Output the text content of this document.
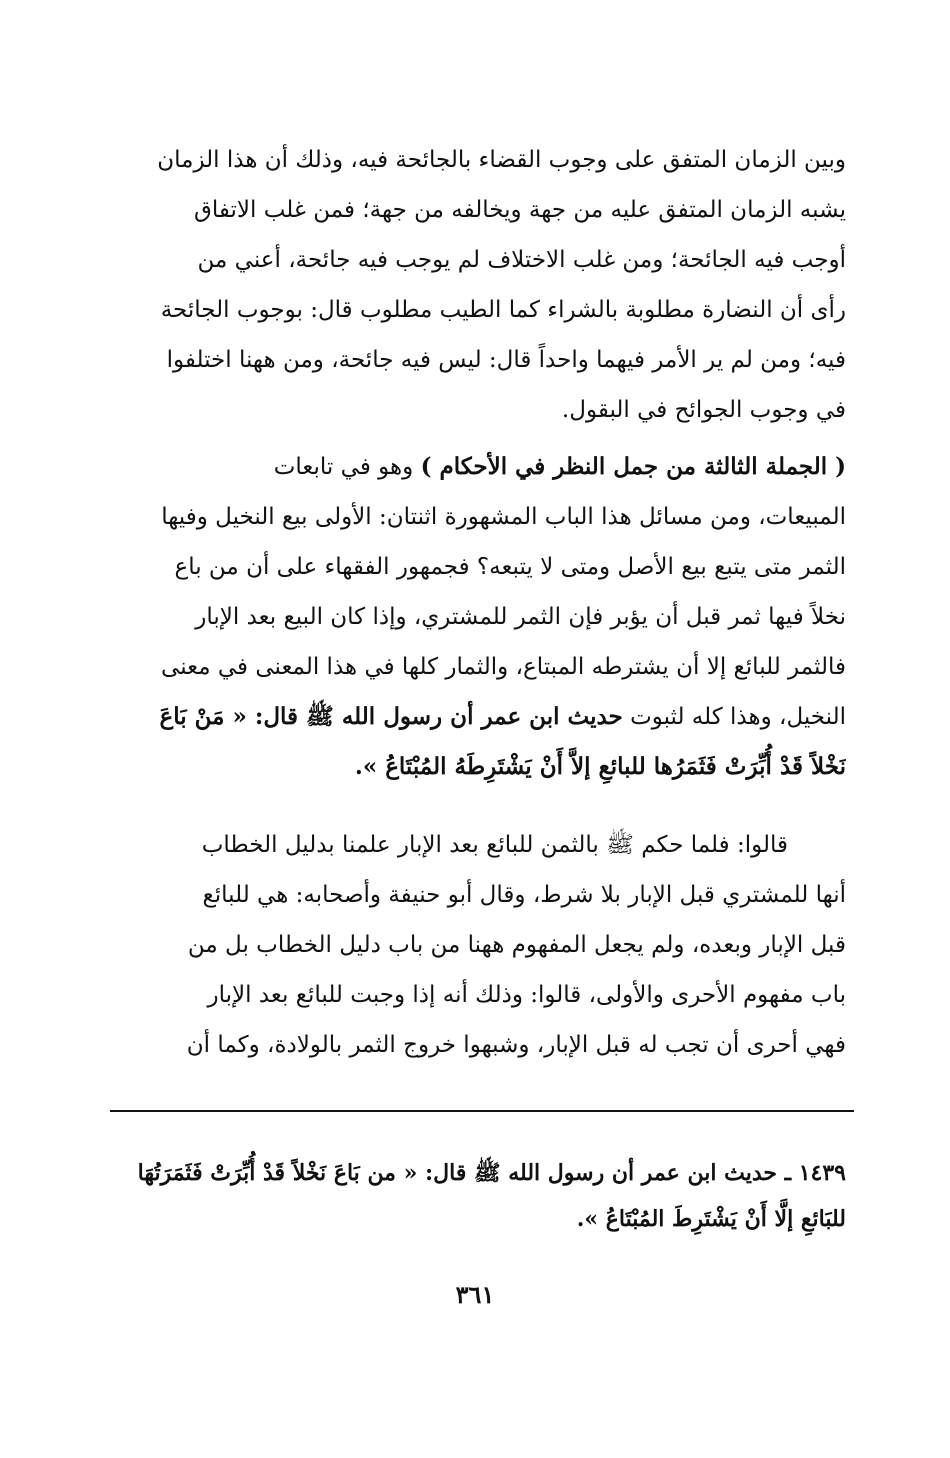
وبين الزمان المتفق على وجوب القضاء بالجائحة فيه، وذلك أن هذا الزمان
يشبه الزمان المتفق عليه من جهة ويخالفه من جهة؛ فمن غلب الاتفاق
أوجب فيه الجائحة؛ ومن غلب الاختلاف لم يوجب فيه جائحة، أعني من
رأى أن النضارة مطلوبة بالشراء كما الطيب مطلوب قال: بوجوب الجائحة
فيه؛ ومن لم ير الأمر فيهما واحداً قال: ليس فيه جائحة، ومن ههنا اختلفوا
في وجوب الجوائح في البقول.
( الجملة الثالثة من جمل النظر في الأحكام ) وهو في تابعات
المبيعات، ومن مسائل هذا الباب المشهورة اثنتان: الأولى بيع النخيل وفيها
الثمر متى يتبع بيع الأصل ومتى لا يتبعه؟ فجمهور الفقهاء على أن من باع
نخلاً فيها ثمر قبل أن يؤبر فإن الثمر للمشتري، وإذا كان البيع بعد الإبار
فالثمر للبائع إلا أن يشترطه المبتاع، والثمار كلها في هذا المعنى في معنى
النخيل، وهذا كله لثبوت حديث ابن عمر أن رسول الله ﷺ قال: « مَنْ بَاعَ
نَخْلاً قَدْ أُبِّرَتْ فَثَمَرُها للبائعِ إلاَّ أَنْ يَشْتَرِطَهُ المُبْتَاعُ ».
قالوا: فلما حكم ﷺ بالثمن للبائع بعد الإبار علمنا بدليل الخطاب
أنها للمشتري قبل الإبار بلا شرط، وقال أبو حنيفة وأصحابه: هي للبائع
قبل الإبار وبعده، ولم يجعل المفهوم ههنا من باب دليل الخطاب بل من
باب مفهوم الأحرى والأولى، قالوا: وذلك أنه إذا وجبت للبائع بعد الإبار
فهي أحرى أن تجب له قبل الإبار، وشبهوا خروج الثمر بالولادة، وكما أن
١٤٣٩ ـ حديث ابن عمر أن رسول الله ﷺ قال: « من بَاعَ نَخْلاً قَدْ أُبِّرَتْ فَثَمَرَتُهَا
للبَائعِ إلَّا أَنْ يَشْتَرِطَ المُبْتَاعُ ».
٣٦١
